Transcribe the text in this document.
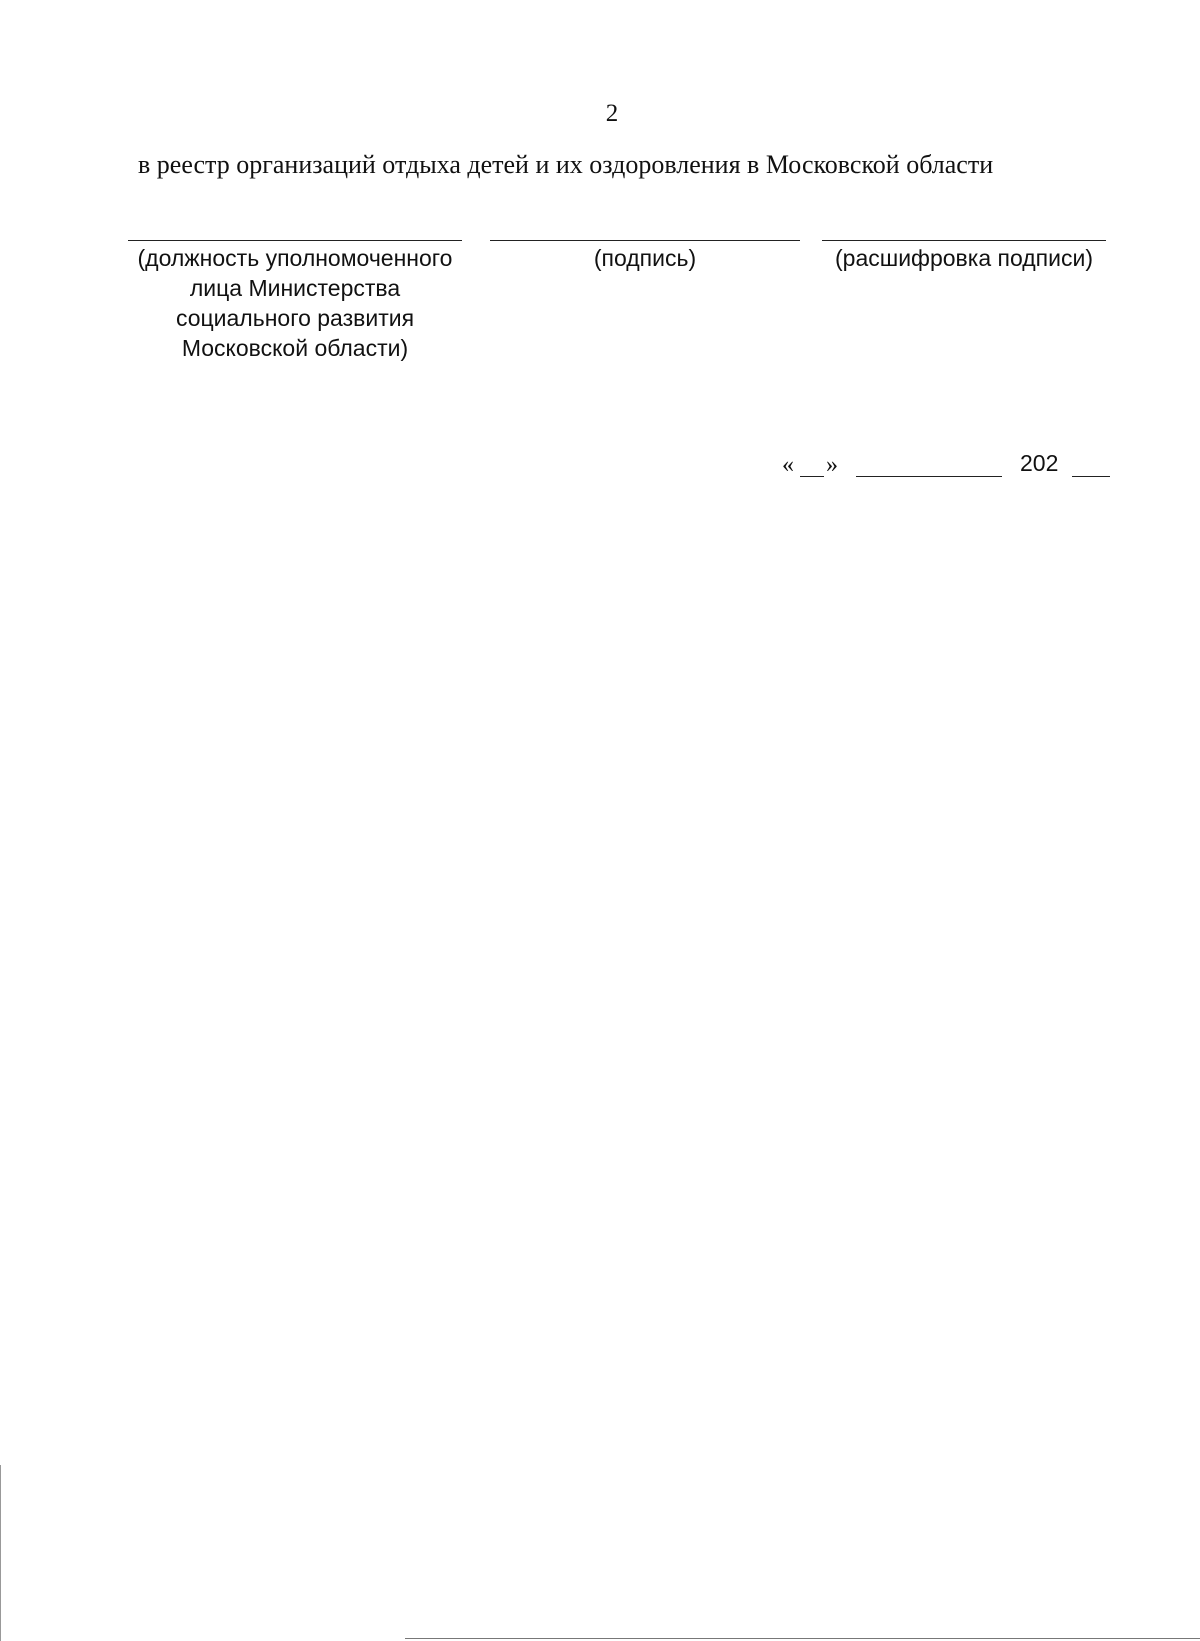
2
в реестр организаций отдыха детей и их оздоровления в Московской области
(должность уполномоченного лица Министерства социального развития Московской области)
(подпись)	(расшифровка подписи)
« »	202
